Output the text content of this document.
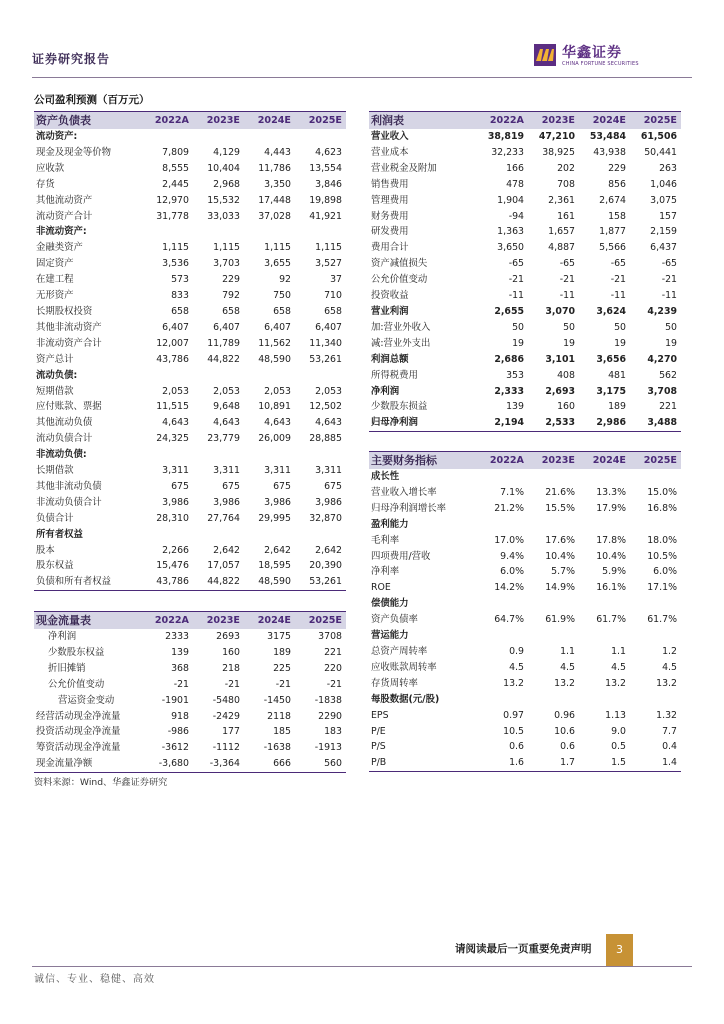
证券研究报告	华鑫证券
CHINA FORTUNE SECURITIES
公司盈利预测（百万元）
资产负债表	2022A	2023E	2024E	2025E
流动资产:				
现金及现金等价物	7,809	4,129	4,443	4,623
应收款	8,555	10,404	11,786	13,554
存货	2,445	2,968	3,350	3,846
其他流动资产	12,970	15,532	17,448	19,898
流动资产合计	31,778	33,033	37,028	41,921
非流动资产:				
金融类资产	1,115	1,115	1,115	1,115
固定资产	3,536	3,703	3,655	3,527
在建工程	573	229	92	37
无形资产	833	792	750	710
长期股权投资	658	658	658	658
其他非流动资产	6,407	6,407	6,407	6,407
非流动资产合计	12,007	11,789	11,562	11,340
资产总计	43,786	44,822	48,590	53,261
流动负债:				
短期借款	2,053	2,053	2,053	2,053
应付账款、票据	11,515	9,648	10,891	12,502
其他流动负债	4,643	4,643	4,643	4,643
流动负债合计	24,325	23,779	26,009	28,885
非流动负债:				
长期借款	3,311	3,311	3,311	3,311
其他非流动负债	675	675	675	675
非流动负债合计	3,986	3,986	3,986	3,986
负债合计	28,310	27,764	29,995	32,870
所有者权益				
股本	2,266	2,642	2,642	2,642
股东权益	15,476	17,057	18,595	20,390
负债和所有者权益	43,786	44,822	48,590	53,261
利润表	2022A	2023E	2024E	2025E
营业收入	38,819	47,210	53,484	61,506
营业成本	32,233	38,925	43,938	50,441
营业税金及附加	166	202	229	263
销售费用	478	708	856	1,046
管理费用	1,904	2,361	2,674	3,075
财务费用	-94	161	158	157
研发费用	1,363	1,657	1,877	2,159
费用合计	3,650	4,887	5,566	6,437
资产减值损失	-65	-65	-65	-65
公允价值变动	-21	-21	-21	-21
投资收益	-11	-11	-11	-11
营业利润	2,655	3,070	3,624	4,239
加:营业外收入	50	50	50	50
减:营业外支出	19	19	19	19
利润总额	2,686	3,101	3,656	4,270
所得税费用	353	408	481	562
净利润	2,333	2,693	3,175	3,708
少数股东损益	139	160	189	221
归母净利润	2,194	2,533	2,986	3,488
主要财务指标	2022A	2023E	2024E	2025E
成长性				
营业收入增长率	7.1%	21.6%	13.3%	15.0%
归母净利润增长率	21.2%	15.5%	17.9%	16.8%
盈利能力				
毛利率	17.0%	17.6%	17.8%	18.0%
四项费用/营收	9.4%	10.4%	10.4%	10.5%
净利率	6.0%	5.7%	5.9%	6.0%
ROE	14.2%	14.9%	16.1%	17.1%
偿债能力				
资产负债率	64.7%	61.9%	61.7%	61.7%
营运能力				
总资产周转率	0.9	1.1	1.1	1.2
应收账款周转率	4.5	4.5	4.5	4.5
存货周转率	13.2	13.2	13.2	13.2
每股数据(元/股)				
EPS	0.97	0.96	1.13	1.32
P/E	10.5	10.6	9.0	7.7
P/S	0.6	0.6	0.5	0.4
P/B	1.6	1.7	1.5	1.4
现金流量表	2022A	2023E	2024E	2025E
净利润	2333	2693	3175	3708
少数股东权益	139	160	189	221
折旧摊销	368	218	225	220
公允价值变动	-21	-21	-21	-21
营运资金变动	-1901	-5480	-1450	-1838
经营活动现金净流量	918	-2429	2118	2290
投资活动现金净流量	-986	177	185	183
筹资活动现金净流量	-3612	-1112	-1638	-1913
现金流量净额	-3,680	-3,364	666	560
资料来源：Wind、华鑫证券研究
请阅读最后一页重要免责声明	3
诚信、专业、稳健、高效
